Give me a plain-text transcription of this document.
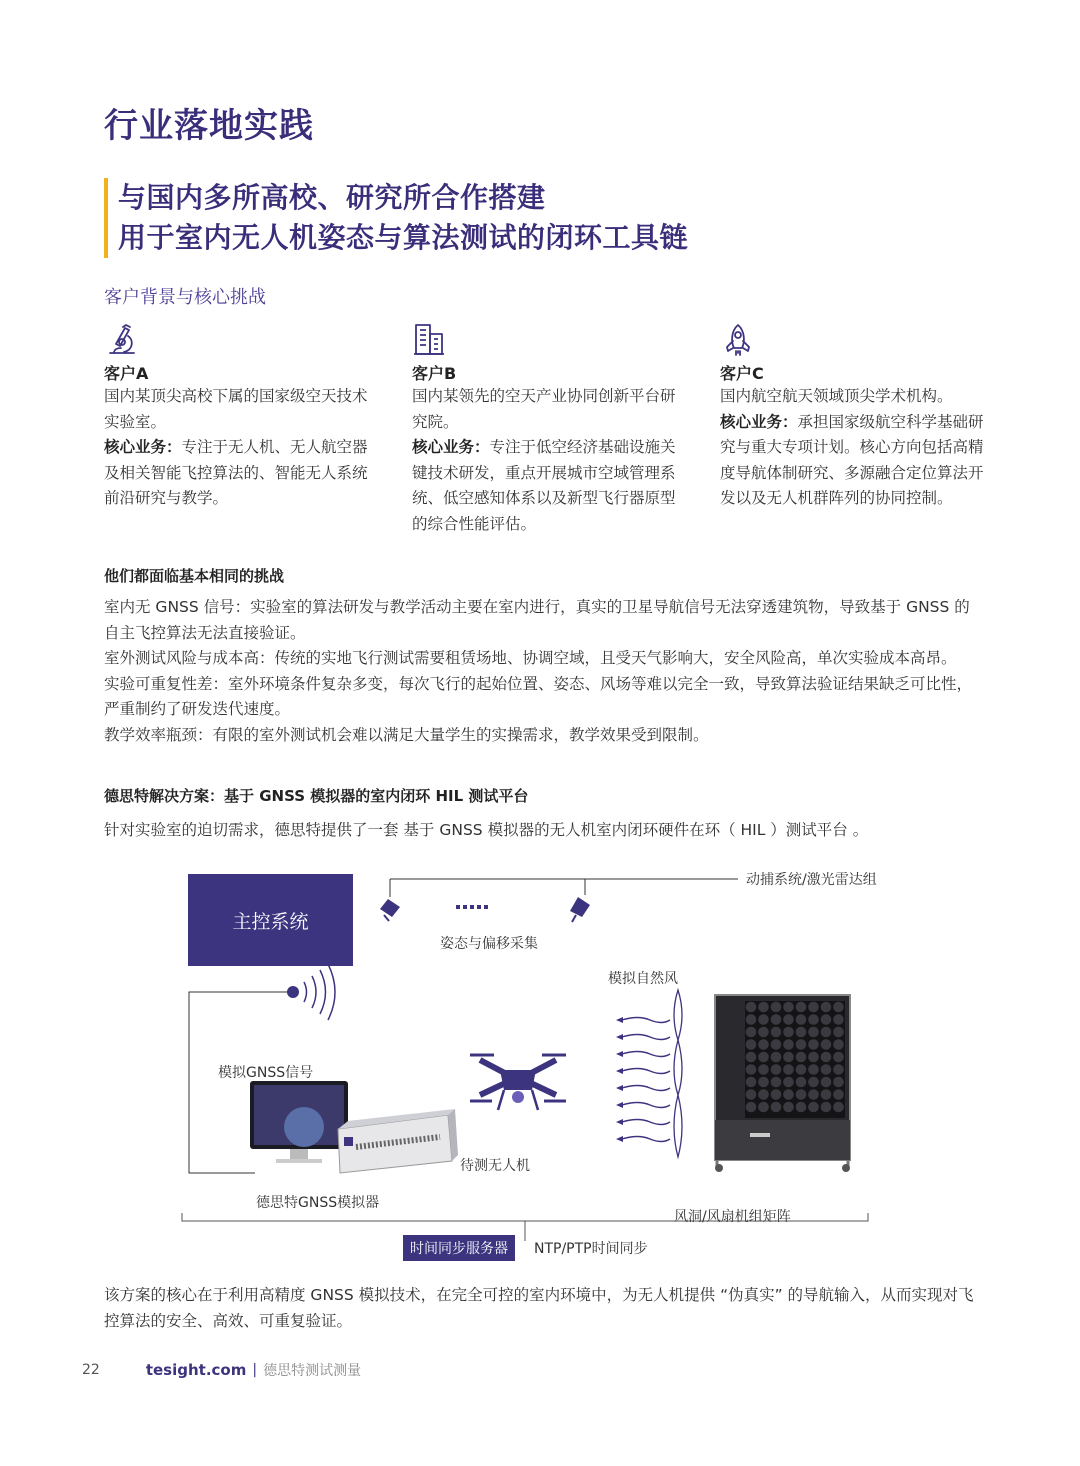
行业落地实践
与国内多所高校、研究所合作搭建
用于室内无人机姿态与算法测试的闭环工具链
客户背景与核心挑战
客户A
国内某顶尖高校下属的国家级空天技术实验室。
核心业务：专注于无人机、无人航空器及相关智能飞控算法的、智能无人系统前沿研究与教学。
客户B
国内某领先的空天产业协同创新平台研究院。
核心业务：专注于低空经济基础设施关键技术研发，重点开展城市空域管理系统、低空感知体系以及新型飞行器原型的综合性能评估。
客户C
国内航空航天领域顶尖学术机构。
核心业务：承担国家级航空科学基础研究与重大专项计划。核心方向包括高精度导航体制研究、多源融合定位算法开发以及无人机群阵列的协同控制。
他们都面临基本相同的挑战
室内无 GNSS 信号：实验室的算法研发与教学活动主要在室内进行，真实的卫星导航信号无法穿透建筑物，导致基于 GNSS 的自主飞控算法无法直接验证。
室外测试风险与成本高：传统的实地飞行测试需要租赁场地、协调空域，且受天气影响大，安全风险高，单次实验成本高昂。
实验可重复性差：室外环境条件复杂多变，每次飞行的起始位置、姿态、风场等难以完全一致，导致算法验证结果缺乏可比性，严重制约了研发迭代速度。
教学效率瓶颈：有限的室外测试机会难以满足大量学生的实操需求，教学效果受到限制。
德思特解决方案：基于 GNSS 模拟器的室内闭环 HIL 测试平台
针对实验室的迫切需求，德思特提供了一套 基于 GNSS 模拟器的无人机室内闭环硬件在环（ HIL ）测试平台 。
主控系统
动捕系统/激光雷达组
姿态与偏移采集
模拟自然风
模拟GNSS信号
待测无人机
德思特GNSS模拟器
风洞/风扇机组矩阵
时间同步服务器	NTP/PTP时间同步
该方案的核心在于利用高精度 GNSS 模拟技术，在完全可控的室内环境中，为无人机提供 “伪真实” 的导航输入，从而实现对飞控算法的安全、高效、可重复验证。
22	tesight.com | 德思特测试测量
